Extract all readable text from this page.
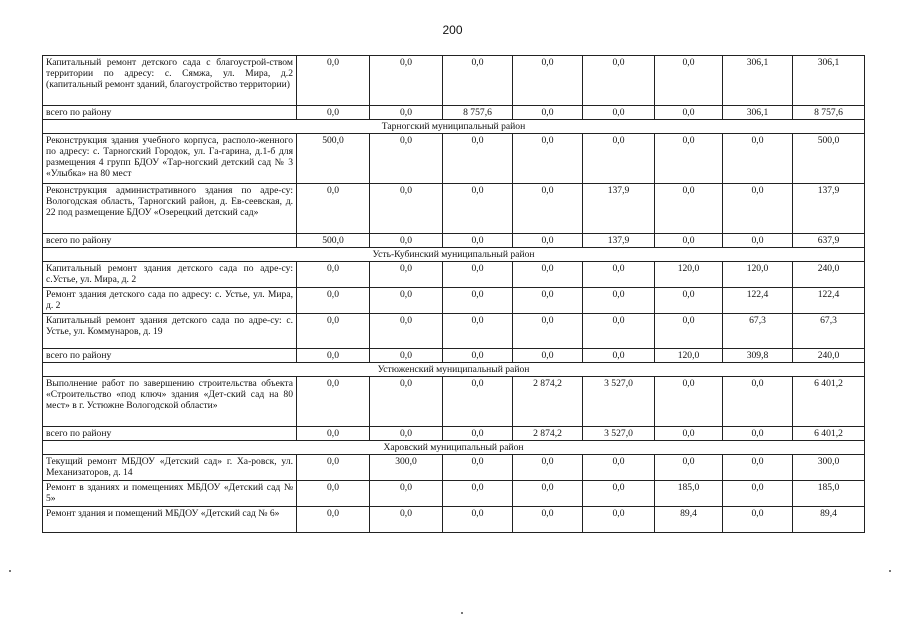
200
Капитальный ремонт детского сада с благоустрой-ством территории по адресу: с. Сямжа, ул. Мира, д.2 (капитальный ремонт зданий, благоустройство территории)	0,0	0,0	0,0	0,0	0,0	0,0	306,1	306,1
всего по району	0,0	0,0	8 757,6	0,0	0,0	0,0	306,1	8 757,6
Тарногский муниципальный район								
Реконструкция здания учебного корпуса, располо-женного по адресу: с. Тарногский Городок, ул. Га-гарина, д.1-б для размещения 4 групп БДОУ «Тар-ногский детский сад № 3 «Улыбка» на 80 мест	500,0	0,0	0,0	0,0	0,0	0,0	0,0	500,0
Реконструкция административного здания по адре-су: Вологодская область, Тарногский район, д. Ев-сеевская, д. 22 под размещение БДОУ «Озерецкий детский сад»	0,0	0,0	0,0	0,0	137,9	0,0	0,0	137,9
всего по району	500,0	0,0	0,0	0,0	137,9	0,0	0,0	637,9
Усть-Кубинский муниципальный район								
Капитальный ремонт здания детского сада по адре-су: с.Устье, ул. Мира, д. 2	0,0	0,0	0,0	0,0	0,0	120,0	120,0	240,0
Ремонт здания детского сада по адресу: с. Устье, ул. Мира, д. 2	0,0	0,0	0,0	0,0	0,0	0,0	122,4	122,4
Капитальный ремонт здания детского сада по адре-су: с. Устье, ул. Коммунаров, д. 19	0,0	0,0	0,0	0,0	0,0	0,0	67,3	67,3
всего по району	0,0	0,0	0,0	0,0	0,0	120,0	309,8	240,0
Устюженский муниципальный район								
Выполнение работ по завершению строительства объекта «Строительство «под ключ» здания «Дет-ский сад на 80 мест» в г. Устюжне Вологодской области»	0,0	0,0	0,0	2 874,2	3 527,0	0,0	0,0	6 401,2
всего по району	0,0	0,0	0,0	2 874,2	3 527,0	0,0	0,0	6 401,2
Харовский муниципальный район								
Текущий ремонт МБДОУ «Детский сад» г. Ха-ровск, ул. Механизаторов, д. 14	0,0	300,0	0,0	0,0	0,0	0,0	0,0	300,0
Ремонт в зданиях и помещениях МБДОУ «Детский сад № 5»	0,0	0,0	0,0	0,0	0,0	185,0	0,0	185,0
Ремонт здания и помещений МБДОУ «Детский сад № 6»	0,0	0,0	0,0	0,0	0,0	89,4	0,0	89,4
